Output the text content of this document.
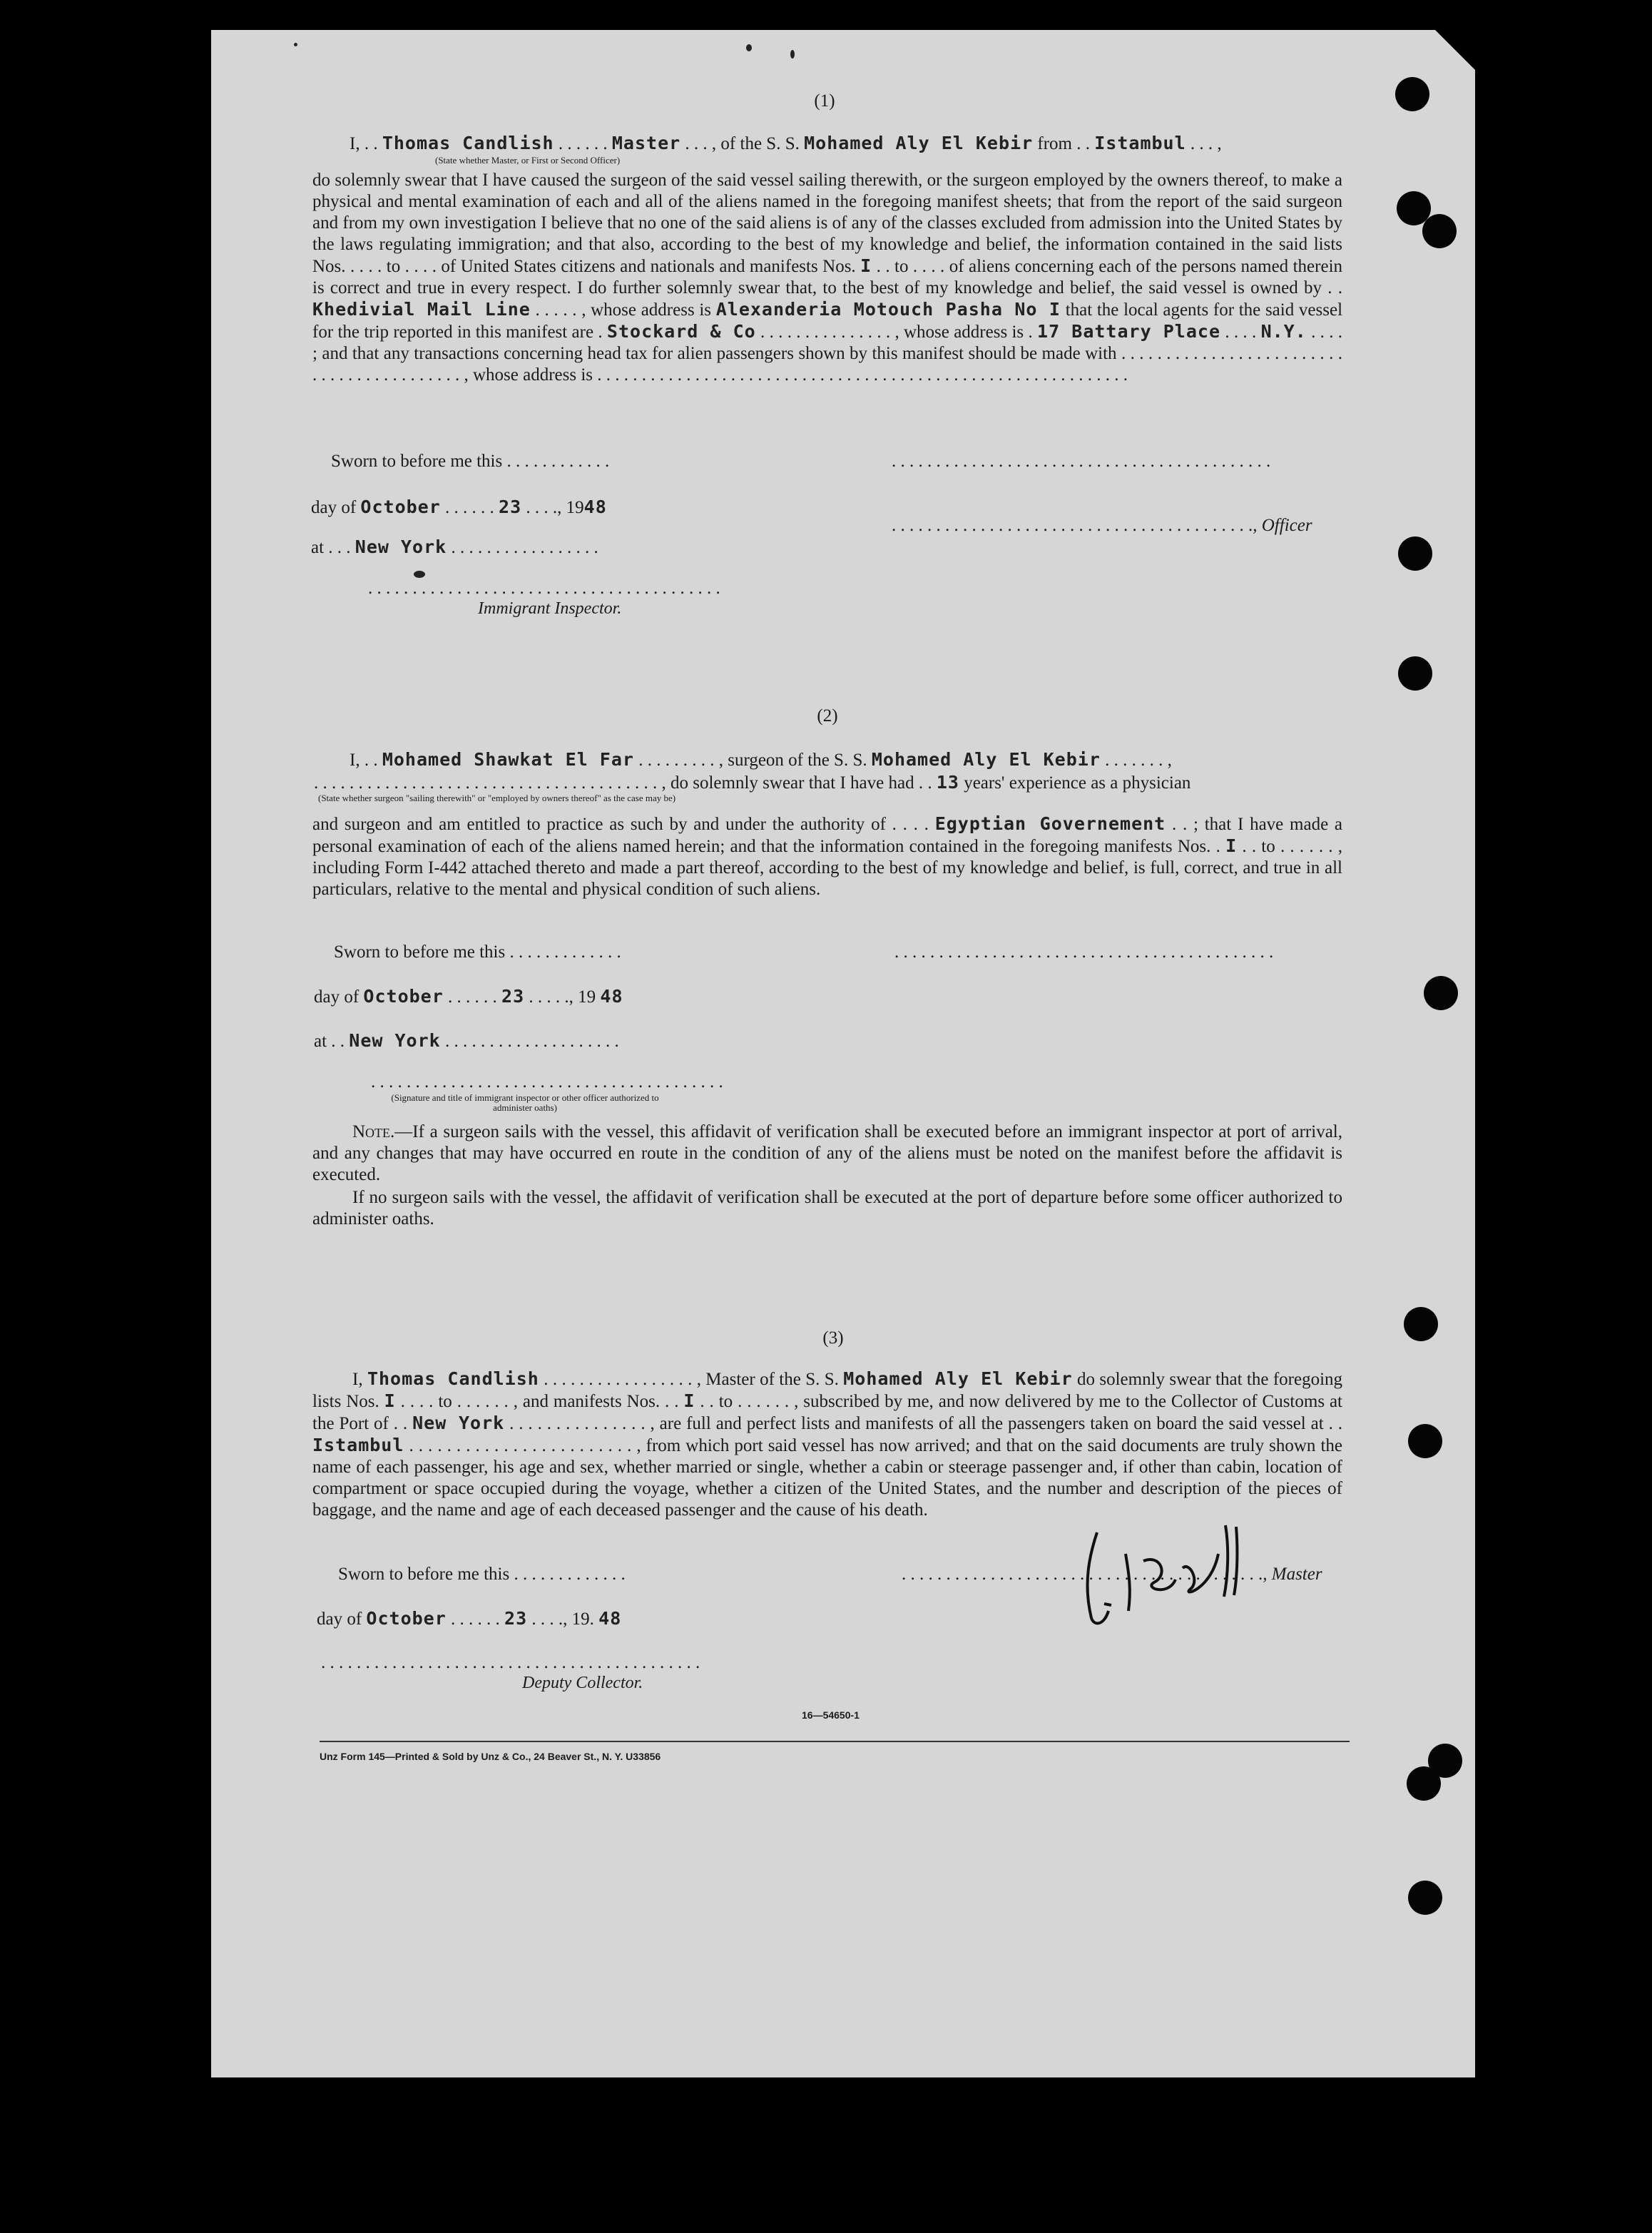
(1)
I, . . Thomas Candlish . . . . . . Master . . . , of the S. S. Mohamed Aly El Kebir from . . Istambul . . . ,
(State whether Master, or First or Second Officer)
do solemnly swear that I have caused the surgeon of the said vessel sailing therewith, or the surgeon employed by the owners thereof, to make a physical and mental examination of each and all of the aliens named in the foregoing manifest sheets; that from the report of the said surgeon and from my own investigation I believe that no one of the said aliens is of any of the classes excluded from admission into the United States by the laws regulating immigration; and that also, according to the best of my knowledge and belief, the information contained in the said lists Nos. . . . . to . . . . of United States citizens and nationals and manifests Nos. I . . to . . . . of aliens concerning each of the persons named therein is correct and true in every respect. I do further solemnly swear that, to the best of my knowledge and belief, the said vessel is owned by . . Khedivial Mail Line . . . . . , whose address is Alexanderia Motouch Pasha No I that the local agents for the said vessel for the trip reported in this manifest are . Stockard & Co . . . . . . . . . . . . . . . , whose address is . 17 Battary Place . . . . N.Y. . . . . ; and that any transactions concerning head tax for alien passengers shown by this manifest should be made with . . . . . . . . . . . . . . . . . . . . . . . . . . . . . . . . . . . . . . . . . . , whose address is . . . . . . . . . . . . . . . . . . . . . . . . . . . . . . . . . . . . . . . . . . . . . . . . . . . . . . . . . . . .
Sworn to before me this . . . . . . . . . . . .	. . . . . . . . . . . . . . . . . . . . . . . . . . . . . . . . . . . . . . . . . . .
day of October . . . . . . 23 . . . ., 1948
. . . . . . . . . . . . . . . . . . . . . . . . . . . . . . . . . . . . . . . . ., Officer
at . . . New York . . . . . . . . . . . . . . . . .
. . . . . . . . . . . . . . . . . . . . . . . . . . . . . . . . . . . . . . . .
Immigrant Inspector.
(2)
I, . . Mohamed Shawkat El Far . . . . . . . . . , surgeon of the S. S. Mohamed Aly El Kebir . . . . . . . ,
. . . . . . . . . . . . . . . . . . . . . . . . . . . . . . . . . . . . . . . , do solemnly swear that I have had . . 13 years' experience as a physician
(State whether surgeon "sailing therewith" or "employed by owners thereof" as the case may be)
and surgeon and am entitled to practice as such by and under the authority of . . . . Egyptian Governement . . ; that I have made a personal examination of each of the aliens named herein; and that the information contained in the foregoing manifests Nos. . I . . to . . . . . . , including Form I-442 attached thereto and made a part thereof, according to the best of my knowledge and belief, is full, correct, and true in all particulars, relative to the mental and physical condition of such aliens.
Sworn to before me this . . . . . . . . . . . . .	. . . . . . . . . . . . . . . . . . . . . . . . . . . . . . . . . . . . . . . . . . .
day of October . . . . . . 23 . . . . ., 19 48
at . . New York . . . . . . . . . . . . . . . . . . . .
. . . . . . . . . . . . . . . . . . . . . . . . . . . . . . . . . . . . . . . .
(Signature and title of immigrant inspector or other officer authorized to administer oaths)
Note.—If a surgeon sails with the vessel, this affidavit of verification shall be executed before an immigrant inspector at port of arrival, and any changes that may have occurred en route in the condition of any of the aliens must be noted on the manifest before the affidavit is executed.
If no surgeon sails with the vessel, the affidavit of verification shall be executed at the port of departure before some officer authorized to administer oaths.
(3)
I, Thomas Candlish . . . . . . . . . . . . . . . . . , Master of the S. S. Mohamed Aly El Kebir do solemnly swear that the foregoing lists Nos. I . . . . to . . . . . . , and manifests Nos. . . I . . to . . . . . . , subscribed by me, and now delivered by me to the Collector of Customs at the Port of . . New York . . . . . . . . . . . . . . . , are full and perfect lists and manifests of all the passengers taken on board the said vessel at . . Istambul . . . . . . . . . . . . . . . . . . . . . . . . , from which port said vessel has now arrived; and that on the said documents are truly shown the name of each passenger, his age and sex, whether married or single, whether a cabin or steerage passenger and, if other than cabin, location of compartment or space occupied during the voyage, whether a citizen of the United States, and the number and description of the pieces of baggage, and the name and age of each deceased passenger and the cause of his death.
Sworn to before me this . . . . . . . . . . . . .	. . . . . . . . . . . . . . . . . . . . . . . . . . . . . . . . . . . . . . . . ., Master
day of October . . . . . . 23 . . . ., 19. 48
. . . . . . . . . . . . . . . . . . . . . . . . . . . . . . . . . . . . . . . . . . .
Deputy Collector.
16—54650-1
Unz Form 145—Printed & Sold by Unz & Co., 24 Beaver St., N. Y. U33856
